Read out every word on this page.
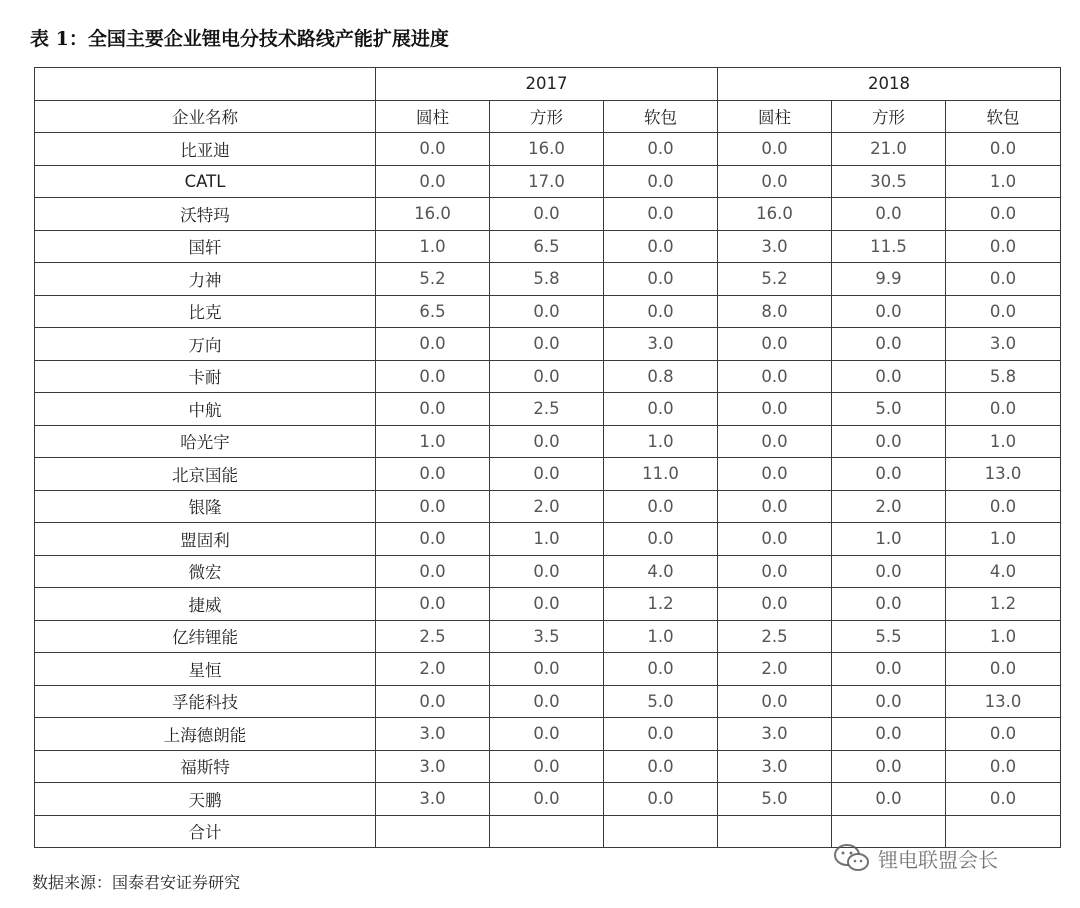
表 1：全国主要企业锂电分技术路线产能扩展进度
	2017			2018		
企业名称	圆柱	方形	软包	圆柱	方形	软包
比亚迪	0.0	16.0	0.0	0.0	21.0	0.0
CATL	0.0	17.0	0.0	0.0	30.5	1.0
沃特玛	16.0	0.0	0.0	16.0	0.0	0.0
国轩	1.0	6.5	0.0	3.0	11.5	0.0
力神	5.2	5.8	0.0	5.2	9.9	0.0
比克	6.5	0.0	0.0	8.0	0.0	0.0
万向	0.0	0.0	3.0	0.0	0.0	3.0
卡耐	0.0	0.0	0.8	0.0	0.0	5.8
中航	0.0	2.5	0.0	0.0	5.0	0.0
哈光宇	1.0	0.0	1.0	0.0	0.0	1.0
北京国能	0.0	0.0	11.0	0.0	0.0	13.0
银隆	0.0	2.0	0.0	0.0	2.0	0.0
盟固利	0.0	1.0	0.0	0.0	1.0	1.0
微宏	0.0	0.0	4.0	0.0	0.0	4.0
捷威	0.0	0.0	1.2	0.0	0.0	1.2
亿纬锂能	2.5	3.5	1.0	2.5	5.5	1.0
星恒	2.0	0.0	0.0	2.0	0.0	0.0
孚能科技	0.0	0.0	5.0	0.0	0.0	13.0
上海德朗能	3.0	0.0	0.0	3.0	0.0	0.0
福斯特	3.0	0.0	0.0	3.0	0.0	0.0
天鹏	3.0	0.0	0.0	5.0	0.0	0.0
合计						
数据来源：国泰君安证券研究
锂电联盟会长
